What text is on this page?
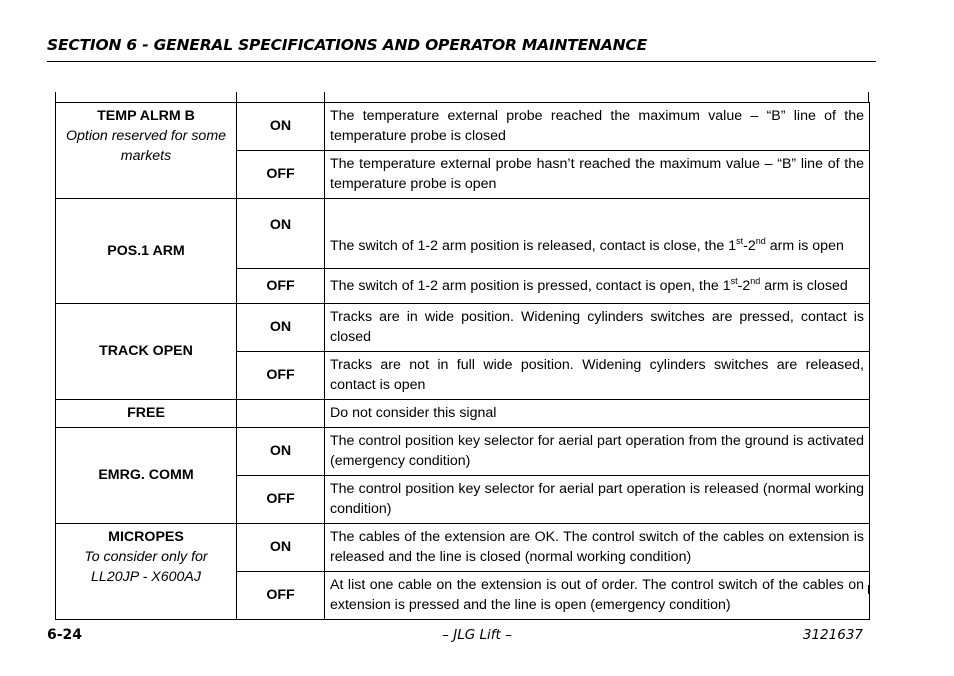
SECTION 6 - GENERAL SPECIFICATIONS AND OPERATOR MAINTENANCE
TEMP ALRM B
Option reserved for some markets	ON	The temperature external probe reached the maximum value – “B” line of the temperature probe is closed
	OFF	The temperature external probe hasn’t reached the maximum value – “B” line of the temperature probe is open

POS.1 ARM	ON	The switch of 1-2 arm position is released, contact is close, the 1st-2nd arm is open
	OFF	The switch of 1-2 arm position is pressed, contact is open, the 1st-2nd arm is closed

TRACK OPEN	ON	Tracks are in wide position. Widening cylinders switches are pressed, contact is closed
	OFF	Tracks are not in full wide position. Widening cylinders switches are released, contact is open

FREE		Do not consider this signal

EMRG. COMM	ON	The control position key selector for aerial part operation from the ground is activated (emergency condition)
	OFF	The control position key selector for aerial part operation is released (normal working condition)

MICROPES
To consider only for LL20JP - X600AJ	ON	The cables of the extension are OK. The control switch of the cables on extension is released and the line is closed (normal working condition)
	OFF	At list one cable on the extension is out of order. The control switch of the cables on extension is pressed and the line is open (emergency condition)
6-24	– JLG Lift –	3121637
